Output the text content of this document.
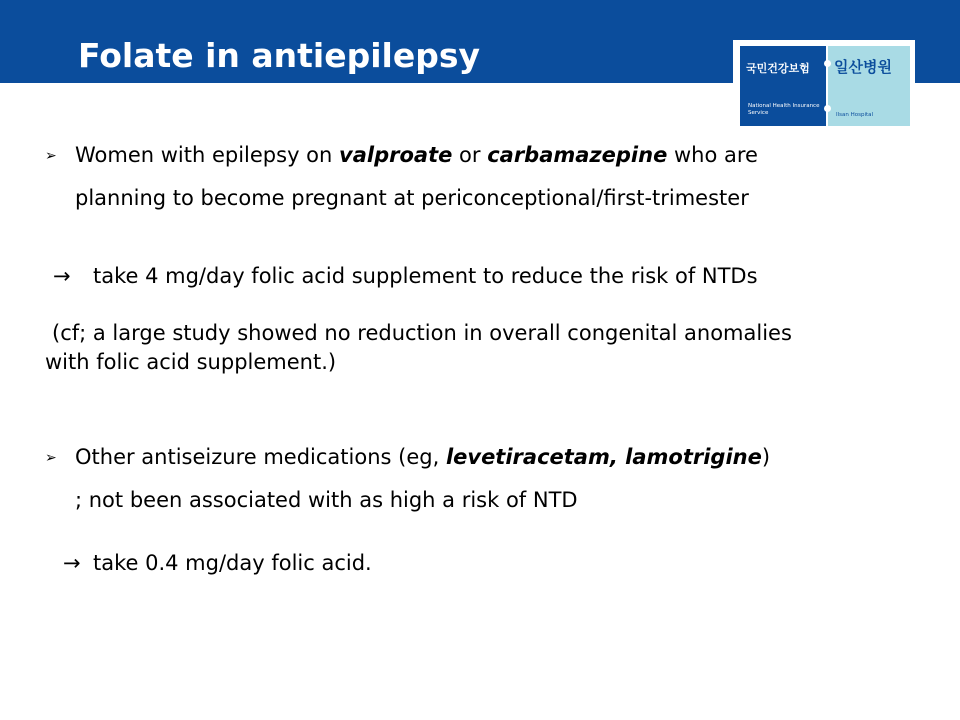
Folate in antiepilepsy	국민건강보험
National Health Insurance Service
일산병원
Ilsan Hospital
➢ Women with epilepsy on valproate or carbamazepine who are
planning to become pregnant at periconceptional/first-trimester
→ take 4 mg/day folic acid supplement to reduce the risk of NTDs
(cf; a large study showed no reduction in overall congenital anomalies
with folic acid supplement.)
➢ Other antiseizure medications (eg, levetiracetam, lamotrigine)
; not been associated with as high a risk of NTD
→ take 0.4 mg/day folic acid.
